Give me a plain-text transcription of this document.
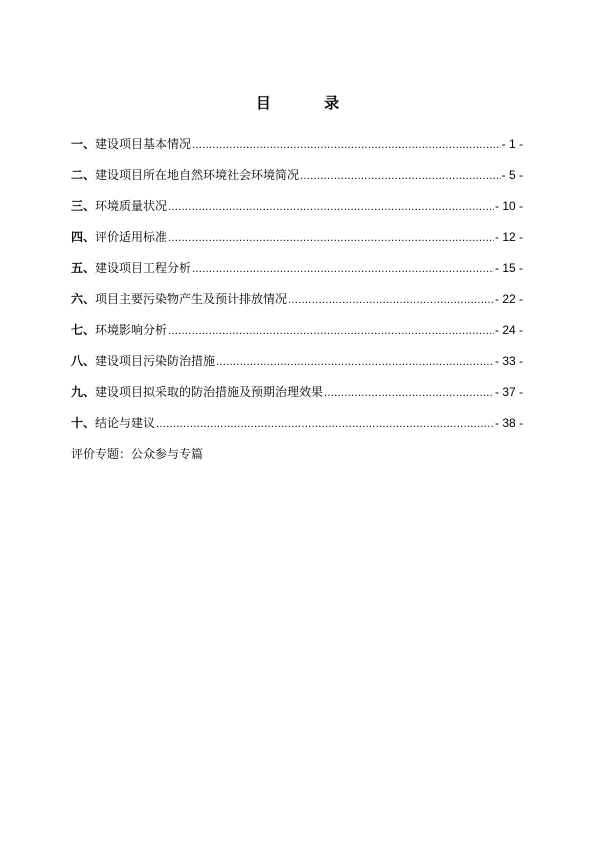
目 录
一、 建设项目基本情况 .....	- 1 -
二、 建设项目所在地自然环境社会环境简况 .....	- 5 -
三、 环境质量状况 .....	- 10 -
四、 评价适用标准 .....	- 12 -
五、 建设项目工程分析 .....	- 15 -
六、 项目主要污染物产生及预计排放情况 .....	- 22 -
七、 环境影响分析 .....	- 24 -
八、 建设项目污染防治措施 .....	- 33 -
九、 建设项目拟采取的防治措施及预期治理效果 .....	- 37 -
十、 结论与建议 .....	- 38 -
评价专题：公众参与专篇
